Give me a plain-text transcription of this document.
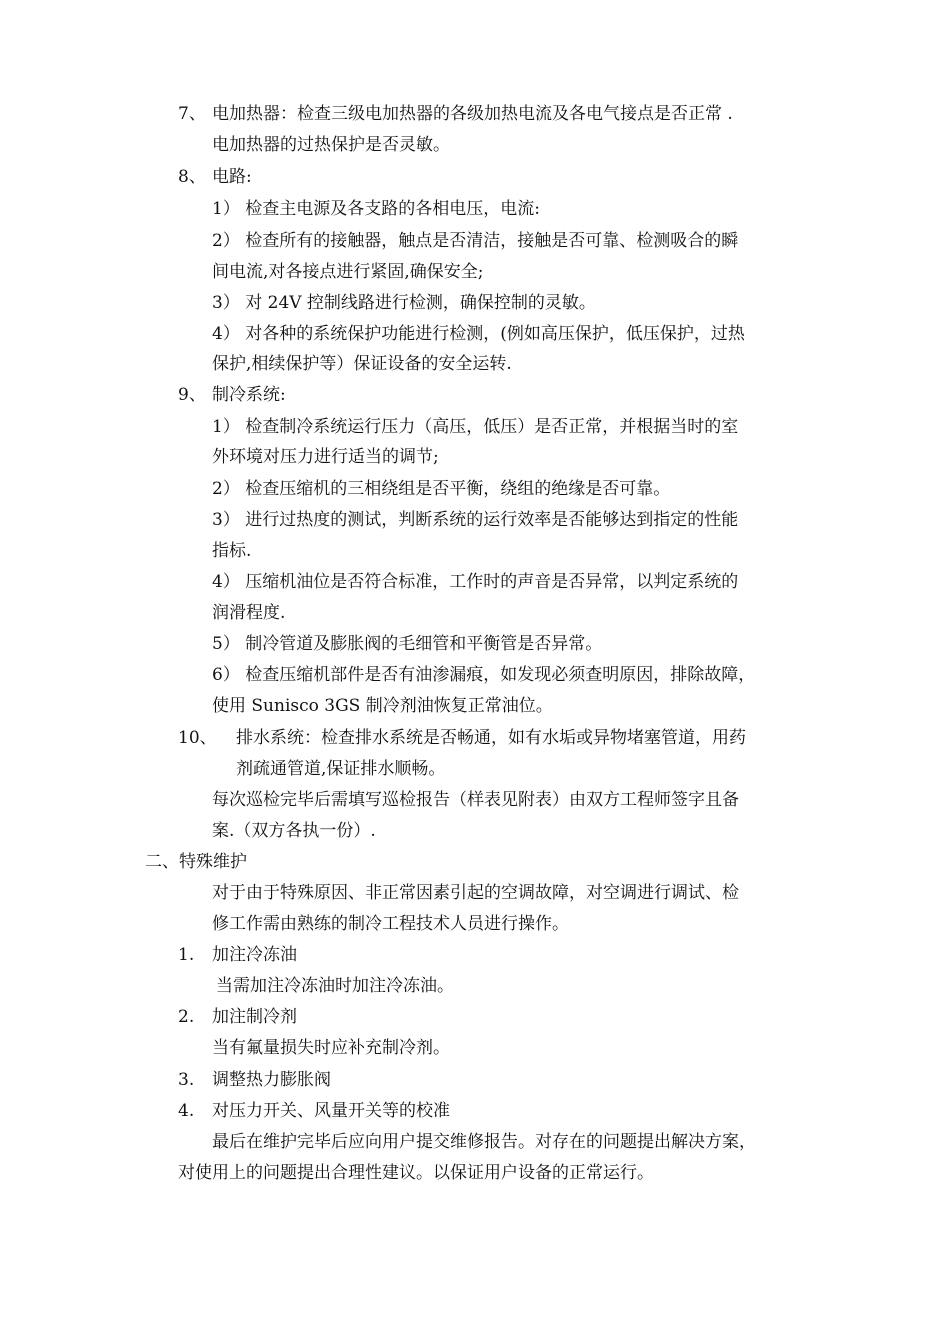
7、 电加热器：检查三级电加热器的各级加热电流及各电气接点是否正常 .
电加热器的过热保护是否灵敏。
8、 电路:
1） 检查主电源及各支路的各相电压，电流:
2） 检查所有的接触器，触点是否清洁，接触是否可靠、检测吸合的瞬
间电流,对各接点进行紧固,确保安全;
3） 对 24V 控制线路进行检测，确保控制的灵敏。
4） 对各种的系统保护功能进行检测，(例如高压保护，低压保护，过热
保护,相续保护等）保证设备的安全运转.
9、 制冷系统:
1） 检查制冷系统运行压力（高压，低压）是否正常，并根据当时的室
外环境对压力进行适当的调节;
2） 检查压缩机的三相绕组是否平衡，绕组的绝缘是否可靠。
3） 进行过热度的测试，判断系统的运行效率是否能够达到指定的性能
指标.
4） 压缩机油位是否符合标准，工作时的声音是否异常，以判定系统的
润滑程度.
5） 制冷管道及膨胀阀的毛细管和平衡管是否异常。
6） 检查压缩机部件是否有油渗漏痕，如发现必须查明原因，排除故障，
使用 Sunisco 3GS 制冷剂油恢复正常油位。
10、 排水系统：检查排水系统是否畅通，如有水垢或异物堵塞管道，用药
剂疏通管道,保证排水顺畅。
每次巡检完毕后需填写巡检报告（样表见附表）由双方工程师签字且备
案.（双方各执一份）.
二、特殊维护
对于由于特殊原因、非正常因素引起的空调故障，对空调进行调试、检
修工作需由熟练的制冷工程技术人员进行操作。
1. 加注冷冻油
当需加注冷冻油时加注冷冻油。
2. 加注制冷剂
当有氟量损失时应补充制冷剂。
3. 调整热力膨胀阀
4. 对压力开关、风量开关等的校准
最后在维护完毕后应向用户提交维修报告。对存在的问题提出解决方案，
对使用上的问题提出合理性建议。以保证用户设备的正常运行。
